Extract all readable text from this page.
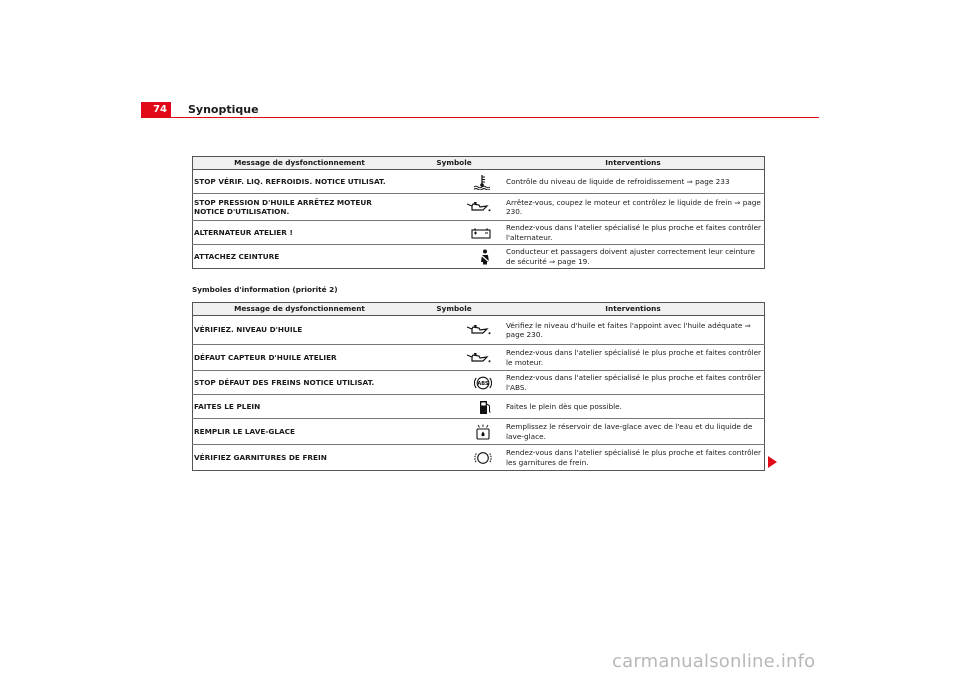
74	Synoptique
Message de dysfonctionnement	Symbole	Interventions
STOP VÉRIF. LIQ. REFROIDIS. NOTICE UTILISAT.		Contrôle du niveau de liquide de refroidissement ⇒ page 233
STOP PRESSION D'HUILE ARRÊTEZ MOTEUR NOTICE D'UTILISATION.		Arrêtez-vous, coupez le moteur et contrôlez le liquide de frein ⇒ page 230.
ALTERNATEUR ATELIER !		Rendez-vous dans l'atelier spécialisé le plus proche et faites contrôler l'alternateur.
ATTACHEZ CEINTURE		Conducteur et passagers doivent ajuster correctement leur ceinture de sécurité ⇒ page 19.
Symboles d'information (priorité 2)
Message de dysfonctionnement	Symbole	Interventions
VÉRIFIEZ. NIVEAU D'HUILE		Vérifiez le niveau d'huile et faites l'appoint avec l'huile adéquate ⇒ page 230.
DÉFAUT CAPTEUR D'HUILE ATELIER		Rendez-vous dans l'atelier spécialisé le plus proche et faites contrôler le moteur.
STOP DÉFAUT DES FREINS NOTICE UTILISAT.	ABS	Rendez-vous dans l'atelier spécialisé le plus proche et faites contrôler l'ABS.
FAITES LE PLEIN		Faites le plein dès que possible.
REMPLIR LE LAVE-GLACE		Remplissez le réservoir de lave-glace avec de l'eau et du liquide de lave-glace.
VÉRIFIEZ GARNITURES DE FREIN		Rendez-vous dans l'atelier spécialisé le plus proche et faites contrôler les garnitures de frein.
carmanualsonline.info
